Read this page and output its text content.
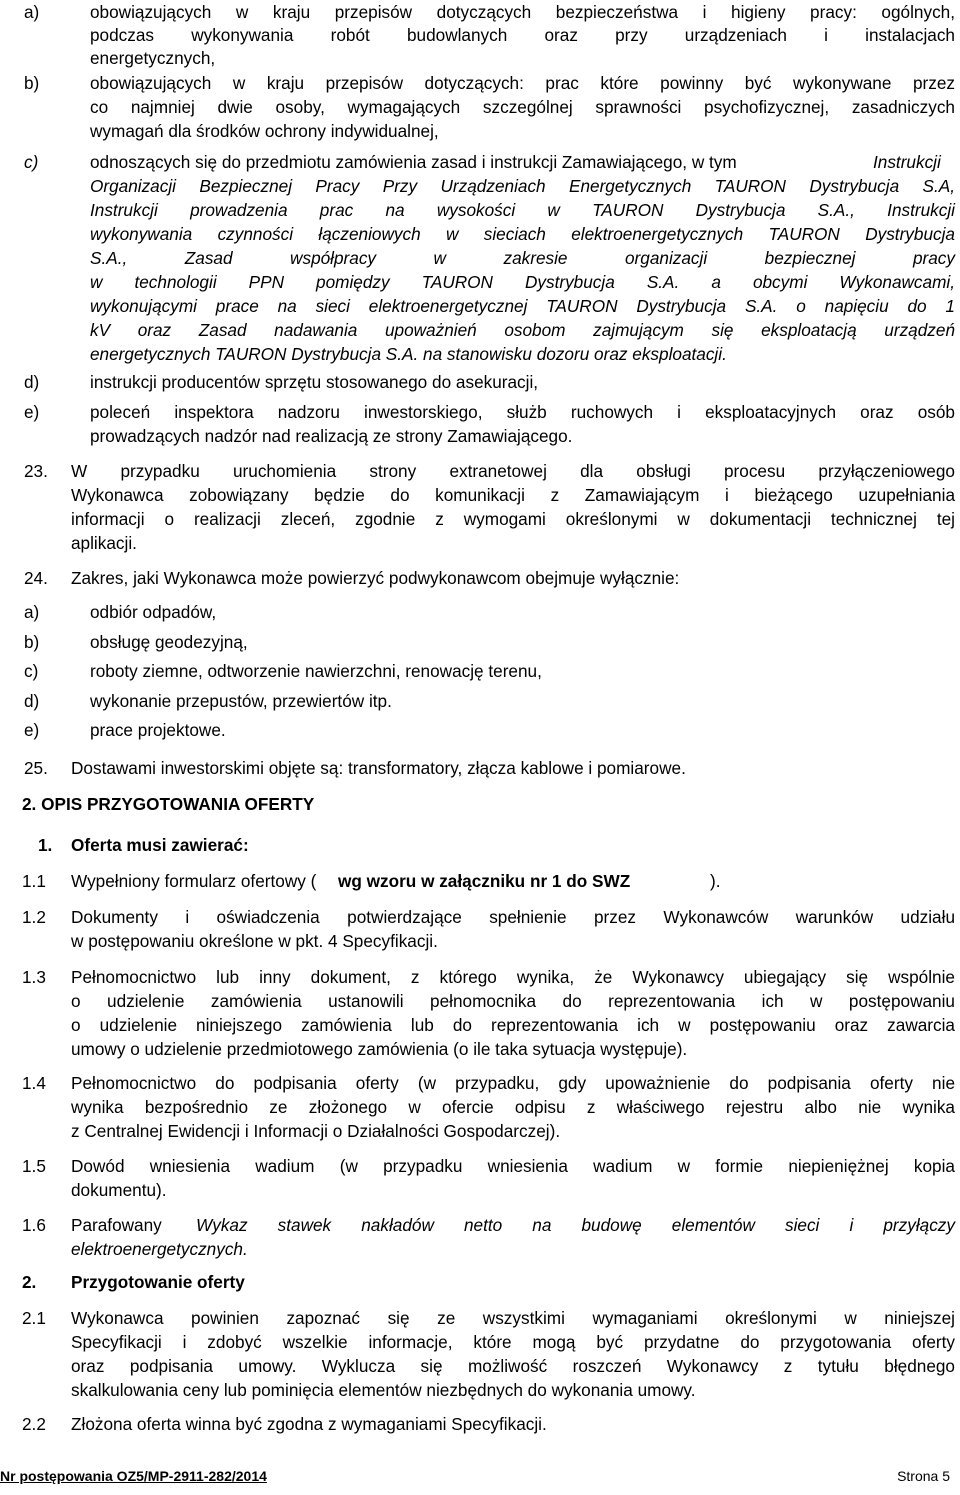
a)	obowiązujących w kraju przepisów dotyczących bezpieczeństwa i higieny pracy: ogólnych,
podczas wykonywania robót budowlanych oraz przy urządzeniach i instalacjach
energetycznych,
b)	obowiązujących w kraju przepisów dotyczących: prac które powinny być wykonywane przez
co najmniej dwie osoby, wymagających szczególnej sprawności psychofizycznej, zasadniczych
wymagań dla środków ochrony indywidualnej,
c)	odnoszących się do przedmiotu zamówienia zasad i instrukcji Zamawiającego, w tym	Instrukcji
Organizacji Bezpiecznej Pracy Przy Urządzeniach Energetycznych TAURON Dystrybucja S.A,
Instrukcji prowadzenia prac na wysokości w TAURON Dystrybucja S.A., Instrukcji
wykonywania czynności łączeniowych w sieciach elektroenergetycznych TAURON Dystrybucja
S.A., Zasad współpracy w zakresie organizacji bezpiecznej pracy
w technologii PPN pomiędzy TAURON Dystrybucja S.A. a obcymi Wykonawcami,
wykonującymi prace na sieci elektroenergetycznej TAURON Dystrybucja S.A. o napięciu do 1
kV oraz Zasad nadawania upoważnień osobom zajmującym się eksploatacją urządzeń
energetycznych TAURON Dystrybucja S.A. na stanowisku dozoru oraz eksploatacji.
d)	instrukcji producentów sprzętu stosowanego do asekuracji,
e)	poleceń inspektora nadzoru inwestorskiego, służb ruchowych i eksploatacyjnych oraz osób
prowadzących nadzór nad realizacją ze strony Zamawiającego.
23. W przypadku uruchomienia strony extranetowej dla obsługi procesu przyłączeniowego
Wykonawca zobowiązany będzie do komunikacji z Zamawiającym i bieżącego uzupełniania
informacji o realizacji zleceń, zgodnie z wymogami określonymi w dokumentacji technicznej tej
aplikacji.
24. Zakres, jaki Wykonawca może powierzyć podwykonawcom obejmuje wyłącznie:
a)	odbiór odpadów,
b)	obsługę geodezyjną,
c)	roboty ziemne, odtworzenie nawierzchni, renowację terenu,
d)	wykonanie przepustów, przewiertów itp.
e)	prace projektowe.
25. Dostawami inwestorskimi objęte są: transformatory, złącza kablowe i pomiarowe.
2. OPIS PRZYGOTOWANIA OFERTY
1. Oferta musi zawierać:
1.1 Wypełniony formularz ofertowy ( wg wzoru w załączniku nr 1 do SWZ	).
1.2 Dokumenty i oświadczenia potwierdzające spełnienie przez Wykonawców warunków udziału
w postępowaniu określone w pkt. 4 Specyfikacji.
1.3 Pełnomocnictwo lub inny dokument, z którego wynika, że Wykonawcy ubiegający się wspólnie
o udzielenie zamówienia ustanowili pełnomocnika do reprezentowania ich w postępowaniu
o udzielenie niniejszego zamówienia lub do reprezentowania ich w postępowaniu oraz zawarcia
umowy o udzielenie przedmiotowego zamówienia (o ile taka sytuacja występuje).
1.4 Pełnomocnictwo do podpisania oferty (w przypadku, gdy upoważnienie do podpisania oferty nie
wynika bezpośrednio ze złożonego w ofercie odpisu z właściwego rejestru albo nie wynika
z Centralnej Ewidencji i Informacji o Działalności Gospodarczej).
1.5 Dowód wniesienia wadium (w przypadku wniesienia wadium w formie niepieniężnej kopia
dokumentu).
1.6 Parafowany Wykaz stawek nakładów netto na budowę elementów sieci i przyłączy
elektroenergetycznych.
2. Przygotowanie oferty
2.1 Wykonawca powinien zapoznać się ze wszystkimi wymaganiami określonymi w niniejszej
Specyfikacji i zdobyć wszelkie informacje, które mogą być przydatne do przygotowania oferty
oraz podpisania umowy. Wyklucza się możliwość roszczeń Wykonawcy z tytułu błędnego
skalkulowania ceny lub pominięcia elementów niezbędnych do wykonania umowy.
2.2 Złożona oferta winna być zgodna z wymaganiami Specyfikacji.
Nr postępowania OZ5/MP-2911-282/2014	Strona 5
